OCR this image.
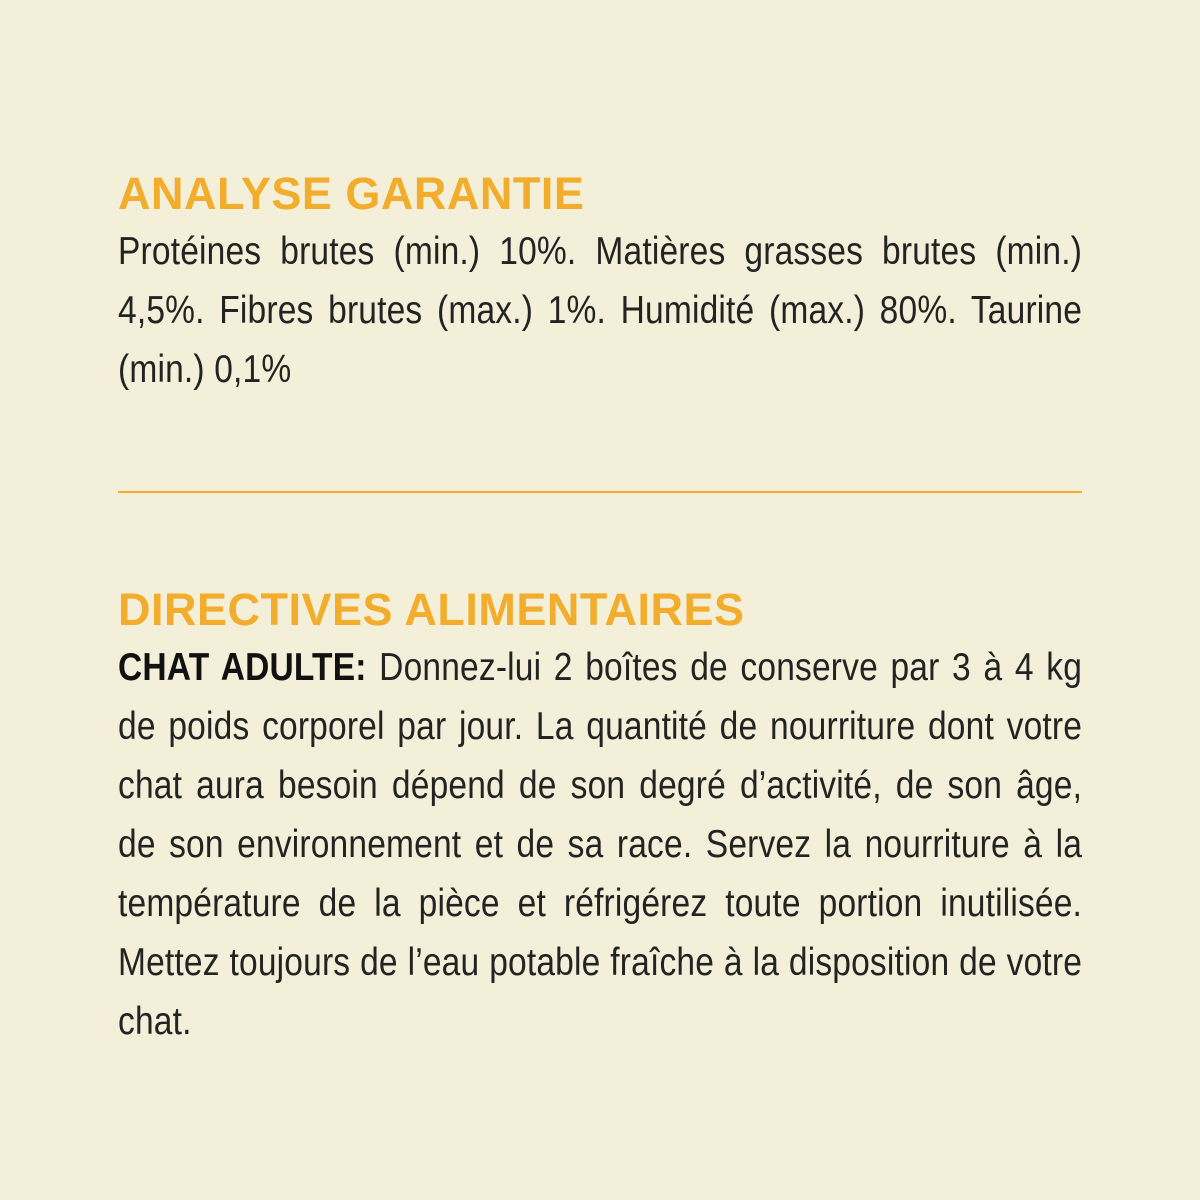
ANALYSE GARANTIE

Protéines brutes (min.) 10%. Matières grasses brutes (min.) 4,5%. Fibres brutes (max.) 1%. Humidité (max.) 80%. Taurine (min.) 0,1%

DIRECTIVES ALIMENTAIRES

CHAT ADULTE: Donnez-lui 2 boîtes de conserve par 3 à 4 kg de poids corporel par jour. La quantité de nourriture dont votre chat aura besoin dépend de son degré d’activité, de son âge, de son environnement et de sa race. Servez la nourriture à la température de la pièce et réfrigérez toute portion inutilisée. Mettez toujours de l’eau potable fraîche à la disposition de votre chat.
